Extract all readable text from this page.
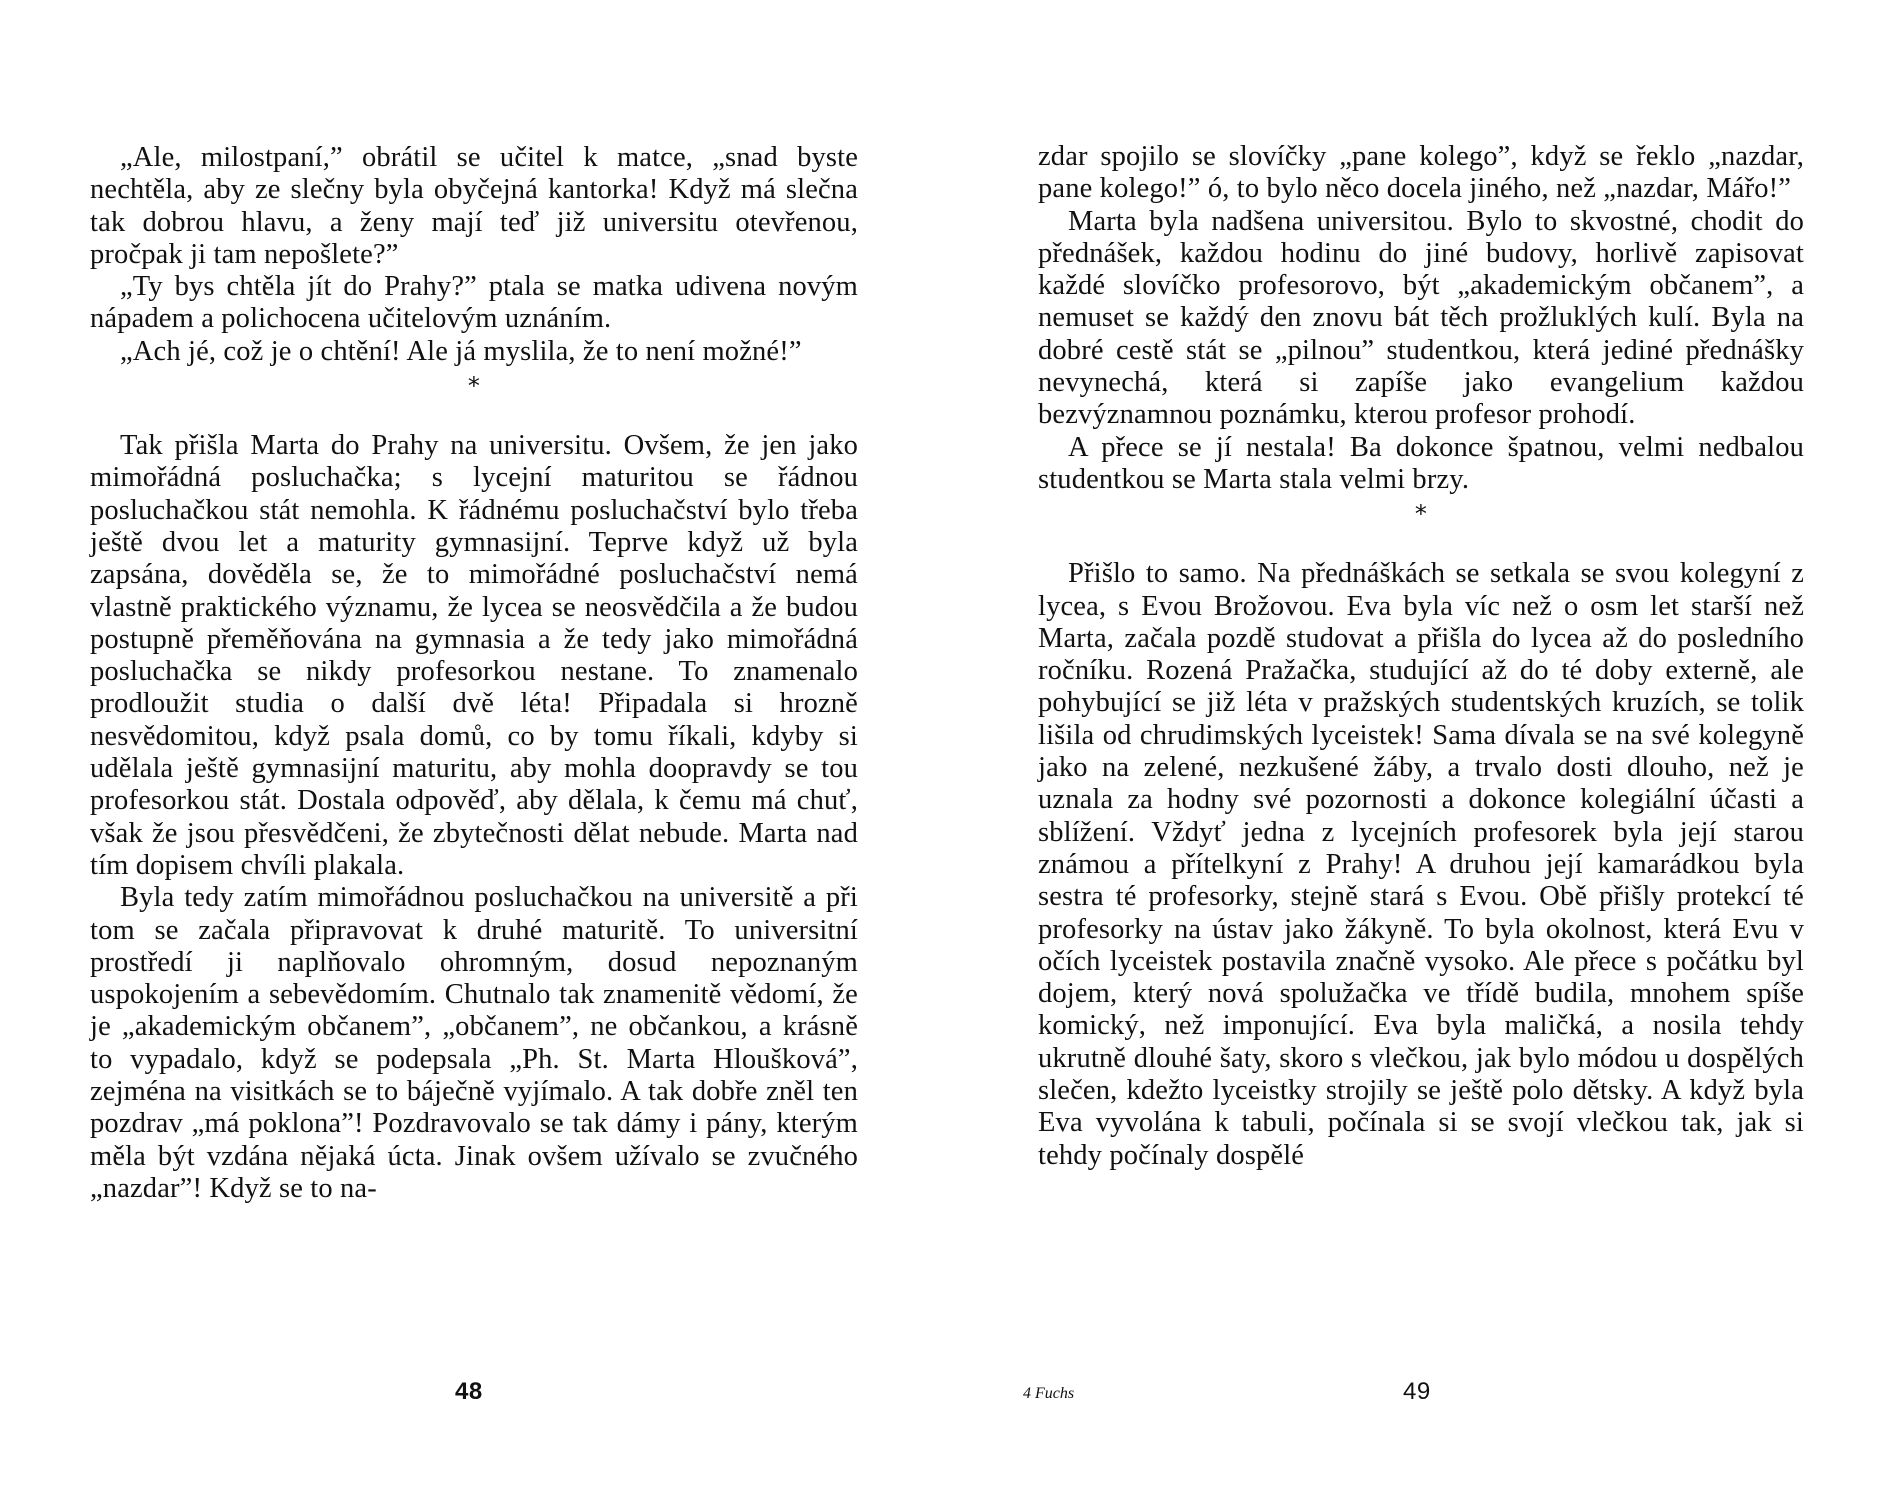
„Ale, milostpaní,” obrátil se učitel k matce, „snad byste nechtěla, aby ze slečny byla obyčejná kantorka! Když má slečna tak dobrou hlavu, a ženy mají teď již universitu otevřenou, pročpak ji tam nepošlete?”

„Ty bys chtěla jít do Prahy?” ptala se matka udivena novým nápadem a polichocena učitelovým uznáním.

„Ach jé, což je o chtění! Ale já myslila, že to není možné!”

*

Tak přišla Marta do Prahy na universitu. Ovšem, že jen jako mimořádná posluchačka; s lycejní maturitou se řádnou posluchačkou stát nemohla. K řádnému posluchačství bylo třeba ještě dvou let a maturity gymnasijní. Teprve když už byla zapsána, dověděla se, že to mimořádné posluchačství nemá vlastně praktického významu, že lycea se neosvědčila a že budou postupně přeměňována na gymnasia a že tedy jako mimořádná posluchačka se nikdy profesorkou nestane. To znamenalo prodloužit studia o další dvě léta! Připadala si hrozně nesvědomitou, když psala domů, co by tomu říkali, kdyby si udělala ještě gymnasijní maturitu, aby mohla doopravdy se tou profesorkou stát. Dostala odpověď, aby dělala, k čemu má chuť, však že jsou přesvědčeni, že zbytečnosti dělat nebude. Marta nad tím dopisem chvíli plakala.

Byla tedy zatím mimořádnou posluchačkou na universitě a při tom se začala připravovat k druhé maturitě. To universitní prostředí ji naplňovalo ohromným, dosud nepoznaným uspokojením a sebevědomím. Chutnalo tak znamenitě vědomí, že je „akademickým občanem”, „občanem”, ne občankou, a krásně to vypadalo, když se podepsala „Ph. St. Marta Hloušková”, zejména na visitkách se to báječně vyjímalo. A tak dobře zněl ten pozdrav „má poklona”! Pozdravovalo se tak dámy i pány, kterým měla být vzdána nějaká úcta. Jinak ovšem užívalo se zvučného „nazdar”! Když se to na-

48

zdar spojilo se slovíčky „pane kolego”, když se řeklo „nazdar, pane kolego!” ó, to bylo něco docela jiného, než „nazdar, Mářo!”

Marta byla nadšena universitou. Bylo to skvostné, chodit do přednášek, každou hodinu do jiné budovy, horlivě zapisovat každé slovíčko profesorovo, být „akademickým občanem”, a nemuset se každý den znovu bát těch prožluklých kulí. Byla na dobré cestě stát se „pilnou” studentkou, která jediné přednášky nevynechá, která si zapíše jako evangelium každou bezvýznamnou poznámku, kterou profesor prohodí.

A přece se jí nestala! Ba dokonce špatnou, velmi nedbalou studentkou se Marta stala velmi brzy.

*

Přišlo to samo. Na přednáškách se setkala se svou kolegyní z lycea, s Evou Brožovou. Eva byla víc než o osm let starší než Marta, začala pozdě studovat a přišla do lycea až do posledního ročníku. Rozená Pražačka, studující až do té doby externě, ale pohybující se již léta v pražských studentských kruzích, se tolik lišila od chrudimských lyceistek! Sama dívala se na své kolegyně jako na zelené, nezkušené žáby, a trvalo dosti dlouho, než je uznala za hodny své pozornosti a dokonce kolegiální účasti a sblížení. Vždyť jedna z lycejních profesorek byla její starou známou a přítelkyní z Prahy! A druhou její kamarádkou byla sestra té profesorky, stejně stará s Evou. Obě přišly protekcí té profesorky na ústav jako žákyně. To byla okolnost, která Evu v očích lyceistek postavila značně vysoko. Ale přece s počátku byl dojem, který nová spolužačka ve třídě budila, mnohem spíše komický, než imponující. Eva byla maličká, a nosila tehdy ukrutně dlouhé šaty, skoro s vlečkou, jak bylo módou u dospělých slečen, kdežto lyceistky strojily se ještě polo dětsky. A když byla Eva vyvolána k tabuli, počínala si se svojí vlečkou tak, jak si tehdy počínaly dospělé

4 Fuchs	49
